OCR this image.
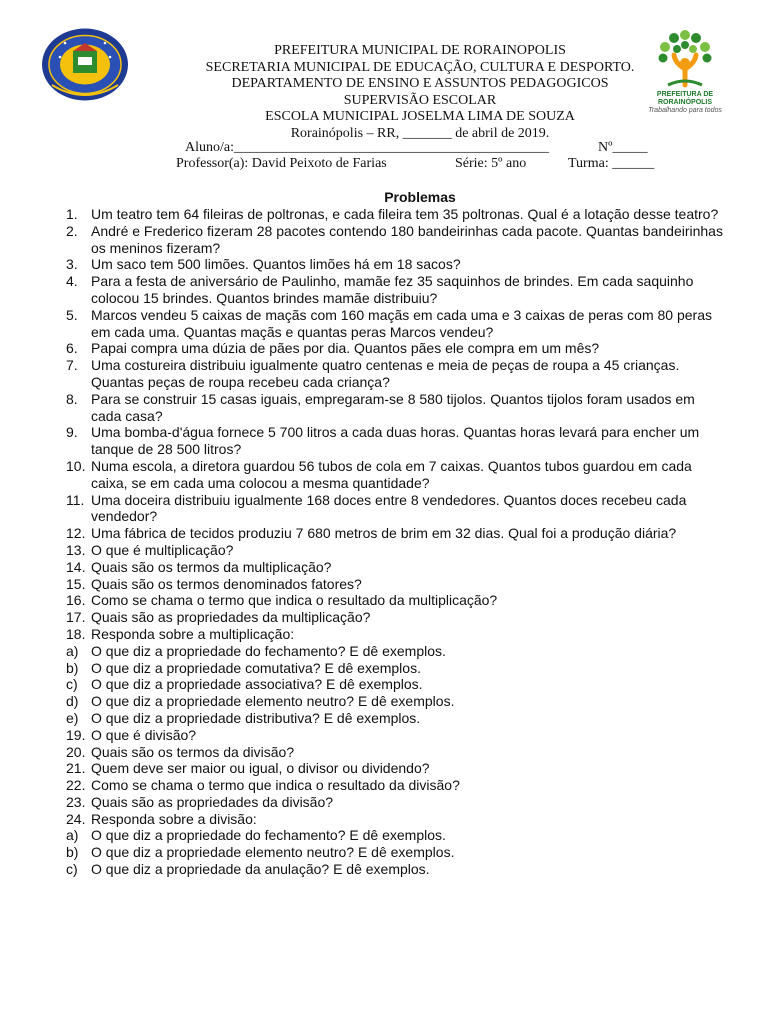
PREFEITURA DE RORAINÓPOLIS
Trabalhando para todos
PREFEITURA MUNICIPAL DE RORAINOPOLIS
SECRETARIA MUNICIPAL DE EDUCAÇÃO, CULTURA E DESPORTO.
DEPARTAMENTO DE ENSINO E ASSUNTOS PEDAGOGICOS
SUPERVISÃO ESCOLAR
ESCOLA MUNICIPAL JOSELMA LIMA DE SOUZA
Rorainópolis – RR, _______ de abril de 2019.
Aluno/a:_____________________________________________	Nº_____
Professor(a): David Peixoto de Farias	Série: 5º ano	Turma: ______
Problemas
1. Um teatro tem 64 fileiras de poltronas, e cada fileira tem 35 poltronas. Qual é a lotação desse teatro?
2. André e Frederico fizeram 28 pacotes contendo 180 bandeirinhas cada pacote. Quantas bandeirinhas os meninos fizeram?
3. Um saco tem 500 limões. Quantos limões há em 18 sacos?
4. Para a festa de aniversário de Paulinho, mamãe fez 35 saquinhos de brindes. Em cada saquinho colocou 15 brindes. Quantos brindes mamãe distribuiu?
5. Marcos vendeu 5 caixas de maçãs com 160 maçãs em cada uma e 3 caixas de peras com 80 peras em cada uma. Quantas maçãs e quantas peras Marcos vendeu?
6. Papai compra uma dúzia de pães por dia. Quantos pães ele compra em um mês?
7. Uma costureira distribuiu igualmente quatro centenas e meia de peças de roupa a 45 crianças. Quantas peças de roupa recebeu cada criança?
8. Para se construir 15 casas iguais, empregaram-se 8 580 tijolos. Quantos tijolos foram usados em cada casa?
9. Uma bomba-d'água fornece 5 700 litros a cada duas horas. Quantas horas levará para encher um tanque de 28 500 litros?
10. Numa escola, a diretora guardou 56 tubos de cola em 7 caixas. Quantos tubos guardou em cada caixa, se em cada uma colocou a mesma quantidade?
11. Uma doceira distribuiu igualmente 168 doces entre 8 vendedores. Quantos doces recebeu cada vendedor?
12. Uma fábrica de tecidos produziu 7 680 metros de brim em 32 dias. Qual foi a produção diária?
13. O que é multiplicação?
14. Quais são os termos da multiplicação?
15. Quais são os termos denominados fatores?
16. Como se chama o termo que indica o resultado da multiplicação?
17. Quais são as propriedades da multiplicação?
18. Responda sobre a multiplicação:
a) O que diz a propriedade do fechamento? E dê exemplos.
b) O que diz a propriedade comutativa? E dê exemplos.
c) O que diz a propriedade associativa? E dê exemplos.
d) O que diz a propriedade elemento neutro? E dê exemplos.
e) O que diz a propriedade distributiva? E dê exemplos.
19. O que é divisão?
20. Quais são os termos da divisão?
21. Quem deve ser maior ou igual, o divisor ou dividendo?
22. Como se chama o termo que indica o resultado da divisão?
23. Quais são as propriedades da divisão?
24. Responda sobre a divisão:
a) O que diz a propriedade do fechamento? E dê exemplos.
b) O que diz a propriedade elemento neutro? E dê exemplos.
c) O que diz a propriedade da anulação? E dê exemplos.
